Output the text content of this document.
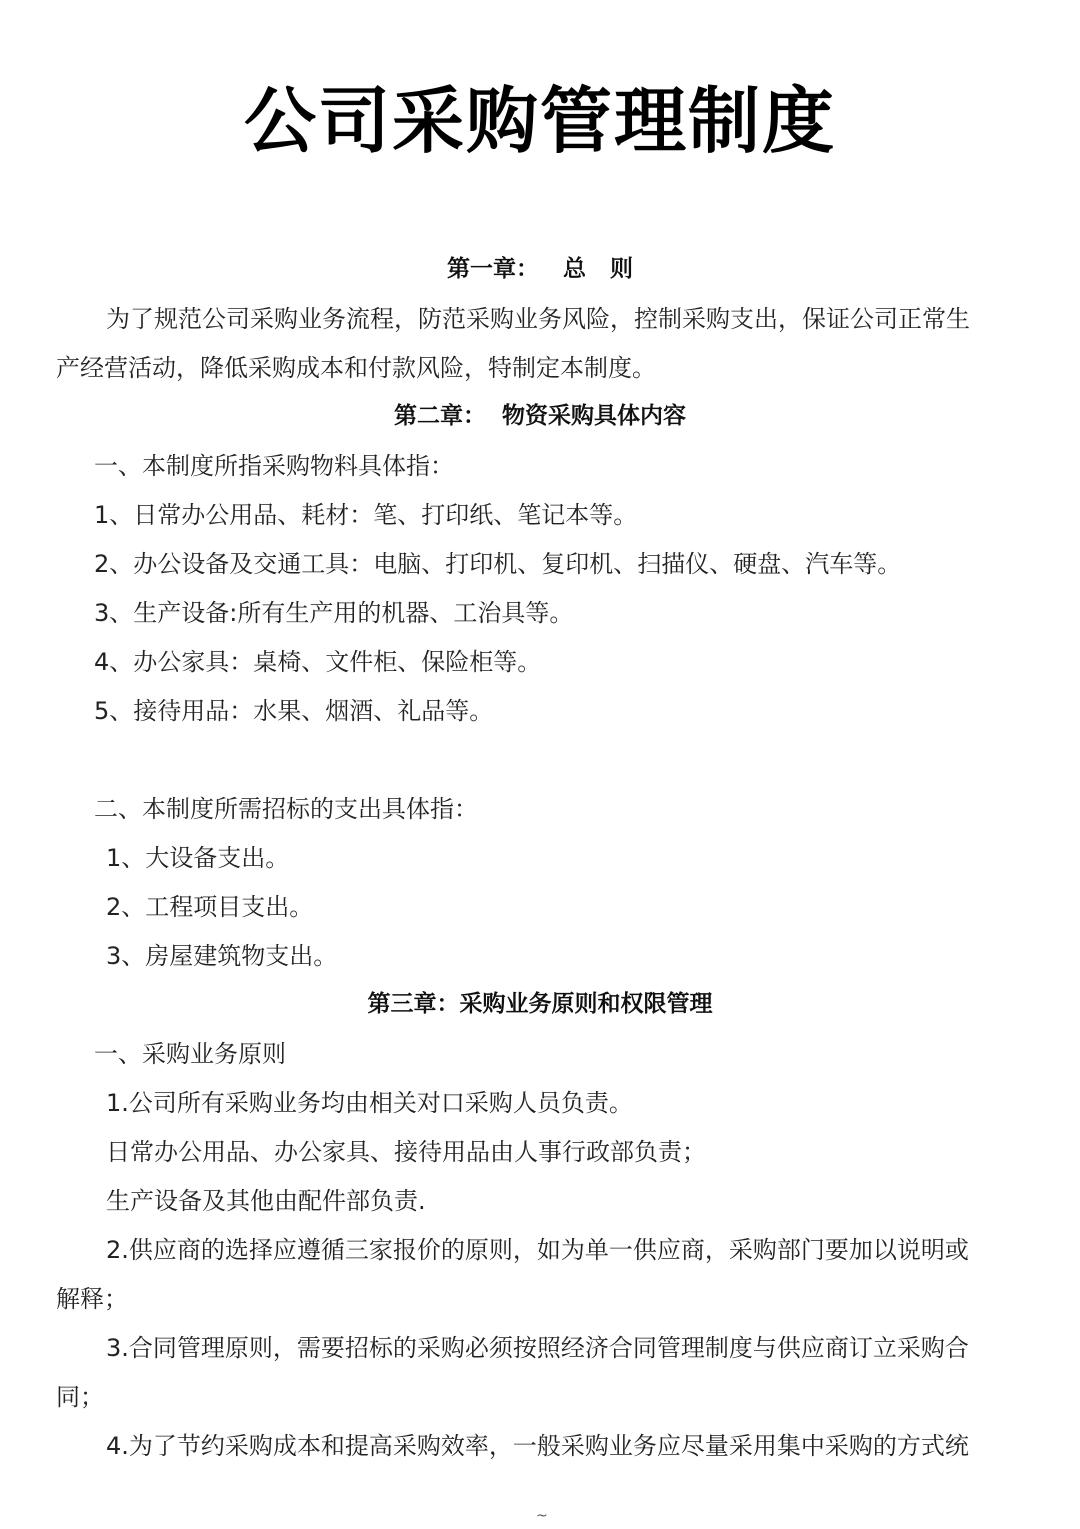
公司采购管理制度
第一章：   总   则
为了规范公司采购业务流程，防范采购业务风险，控制采购支出，保证公司正常生
产经营活动，降低采购成本和付款风险，特制定本制度。
第二章：  物资采购具体内容
一、本制度所指采购物料具体指：
1、日常办公用品、耗材：笔、打印纸、笔记本等。
2、办公设备及交通工具：电脑、打印机、复印机、扫描仪、硬盘、汽车等。
3、生产设备:所有生产用的机器、工治具等。
4、办公家具：桌椅、文件柜、保险柜等。
5、接待用品：水果、烟酒、礼品等。
二、本制度所需招标的支出具体指：
1、大设备支出。
2、工程项目支出。
3、房屋建筑物支出。
第三章：采购业务原则和权限管理
一、采购业务原则
1.公司所有采购业务均由相关对口采购人员负责。
日常办公用品、办公家具、接待用品由人事行政部负责；
生产设备及其他由配件部负责.
2.供应商的选择应遵循三家报价的原则，如为单一供应商，采购部门要加以说明或
解释；
3.合同管理原则，需要招标的采购必须按照经济合同管理制度与供应商订立采购合
同；
4.为了节约采购成本和提高采购效率，一般采购业务应尽量采用集中采购的方式统
~
